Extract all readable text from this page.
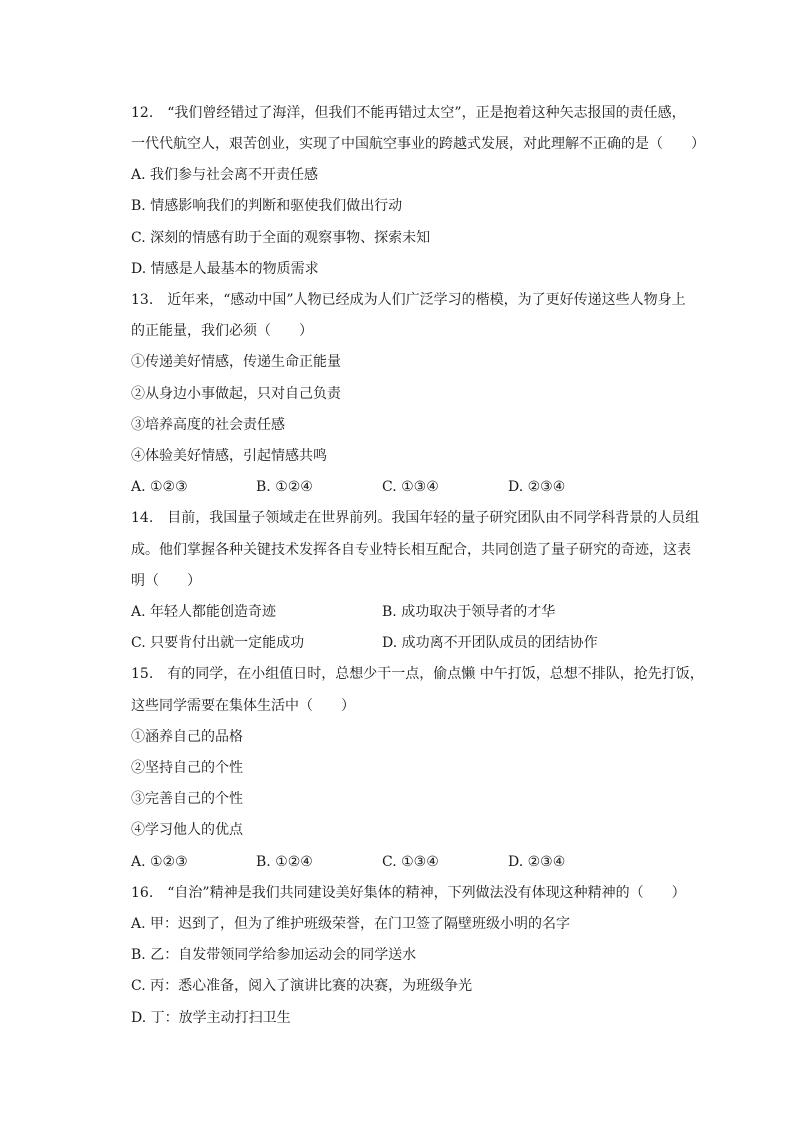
12.　“我们曾经错过了海洋，但我们不能再错过太空”，正是抱着这种矢志报国的责任感，
一代代航空人，艰苦创业，实现了中国航空事业的跨越式发展，对此理解不正确的是（　　）
A. 我们参与社会离不开责任感
B. 情感影响我们的判断和驱使我们做出行动
C. 深刻的情感有助于全面的观察事物、探索未知
D. 情感是人最基本的物质需求
13.　近年来，“感动中国”人物已经成为人们广泛学习的楷模，为了更好传递这些人物身上
的正能量，我们必须（　　）
①传递美好情感，传递生命正能量
②从身边小事做起，只对自己负责
③培养高度的社会责任感
④体验美好情感，引起情感共鸣
A. ①②③	B. ①②④	C. ①③④	D. ②③④
14.　目前，我国量子领域走在世界前列。我国年轻的量子研究团队由不同学科背景的人员组
成。他们掌握各种关键技术发挥各自专业特长相互配合，共同创造了量子研究的奇迹，这表
明（　　）
A. 年轻人都能创造奇迹	B. 成功取决于领导者的才华
C. 只要肯付出就一定能成功	D. 成功离不开团队成员的团结协作
15.　有的同学，在小组值日时，总想少干一点，偷点懒 中午打饭，总想不排队，抢先打饭，
这些同学需要在集体生活中（　　）
①涵养自己的品格
②坚持自己的个性
③完善自己的个性
④学习他人的优点
A. ①②③	B. ①②④	C. ①③④	D. ②③④
16.　“自治”精神是我们共同建设美好集体的精神，下列做法没有体现这种精神的（　　）
A. 甲：迟到了，但为了维护班级荣誉，在门卫签了隔壁班级小明的名字
B. 乙：自发带领同学给参加运动会的同学送水
C. 丙：悉心准备，阅入了演讲比赛的决赛，为班级争光
D. 丁：放学主动打扫卫生
